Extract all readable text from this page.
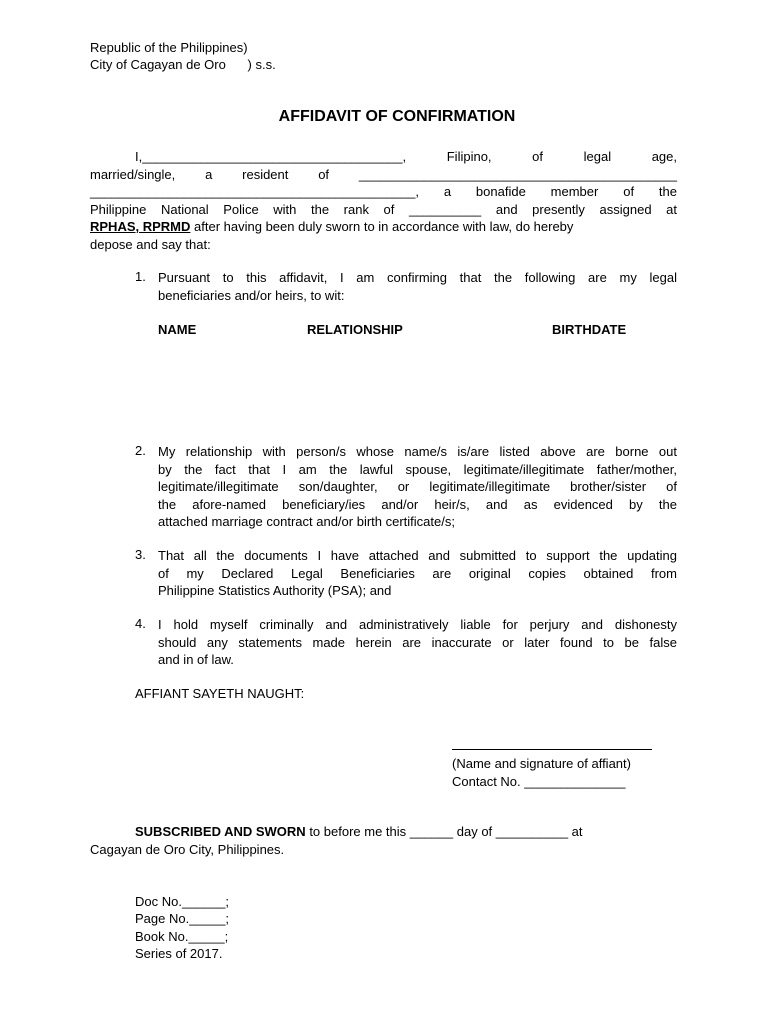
Republic of the Philippines)

City of Cagayan de Oro      ) s.s.

AFFIDAVIT OF CONFIRMATION

I,____________________________________, Filipino, of legal age,
married/single, a resident of ____________________________________________
_____________________________________________, a bonafide member of the
Philippine National Police with the rank of __________ and presently assigned at
RPHAS, RPRMD after having been duly sworn to in accordance with law, do hereby
depose and say that:
1. Pursuant to this affidavit, I am confirming that the following are my legal
beneficiaries and/or heirs, to wit:
NAME	RELATIONSHIP	BIRTHDATE
2. My relationship with person/s whose name/s is/are listed above are borne out
by the fact that I am the lawful spouse, legitimate/illegitimate father/mother,
legitimate/illegitimate son/daughter, or legitimate/illegitimate brother/sister of
the afore-named beneficiary/ies and/or heir/s, and as evidenced by the
attached marriage contract and/or birth certificate/s;
3. That all the documents I have attached and submitted to support the updating
of my Declared Legal Beneficiaries are original copies obtained from
Philippine Statistics Authority (PSA); and
4. I hold myself criminally and administratively liable for perjury and dishonesty
should any statements made herein are inaccurate or later found to be false
and in of law.

AFFIANT SAYETH NAUGHT:

(Name and signature of affiant)

Contact No. ______________

SUBSCRIBED AND SWORN to before me this ______ day of __________ at

Cagayan de Oro City, Philippines.

Doc No.______;

Page No._____;

Book No._____;

Series of 2017.
